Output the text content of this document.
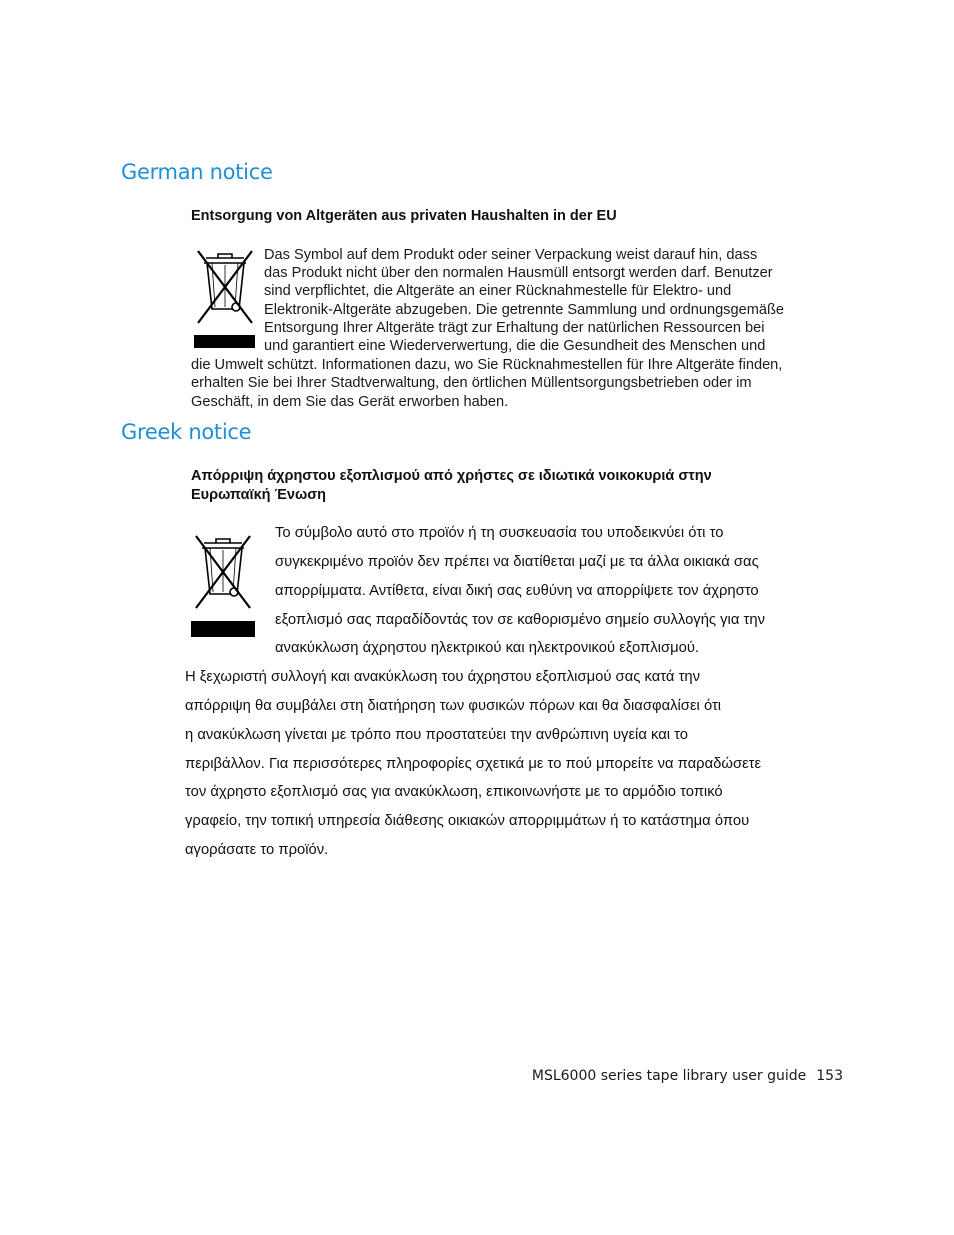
German notice
Entsorgung von Altgeräten aus privaten Haushalten in der EU

Das Symbol auf dem Produkt oder seiner Verpackung weist darauf hin, dass

das Produkt nicht über den normalen Hausmüll entsorgt werden darf. Benutzer

sind verpflichtet, die Altgeräte an einer Rücknahmestelle für Elektro- und

Elektronik-Altgeräte abzugeben. Die getrennte Sammlung und ordnungsgemäße

Entsorgung Ihrer Altgeräte trägt zur Erhaltung der natürlichen Ressourcen bei

und garantiert eine Wiederverwertung, die die Gesundheit des Menschen und

die Umwelt schützt. Informationen dazu, wo Sie Rücknahmestellen für Ihre Altgeräte finden,

erhalten Sie bei Ihrer Stadtverwaltung, den örtlichen Müllentsorgungsbetrieben oder im

Geschäft, in dem Sie das Gerät erworben haben.

Greek notice
Απόρριψη άχρηστου εξοπλισμού από χρήστες σε ιδιωτικά νοικοκυριά στην
Ευρωπαϊκή Ένωση

Το σύμβολο αυτό στο προϊόν ή τη συσκευασία του υποδεικνύει ότι το

συγκεκριμένο προϊόν δεν πρέπει να διατίθεται μαζί με τα άλλα οικιακά σας

απορρίμματα. Αντίθετα, είναι δική σας ευθύνη να απορρίψετε τον άχρηστο

εξοπλισμό σας παραδίδοντάς τον σε καθορισμένο σημείο συλλογής για την

ανακύκλωση άχρηστου ηλεκτρικού και ηλεκτρονικού εξοπλισμού.

Η ξεχωριστή συλλογή και ανακύκλωση του άχρηστου εξοπλισμού σας κατά την

απόρριψη θα συμβάλει στη διατήρηση των φυσικών πόρων και θα διασφαλίσει ότι

η ανακύκλωση γίνεται με τρόπο που προστατεύει την ανθρώπινη υγεία και το

περιβάλλον. Για περισσότερες πληροφορίες σχετικά με το πού μπορείτε να παραδώσετε

τον άχρηστο εξοπλισμό σας για ανακύκλωση, επικοινωνήστε με το αρμόδιο τοπικό

γραφείο, την τοπική υπηρεσία διάθεσης οικιακών απορριμμάτων ή το κατάστημα όπου

αγοράσατε το προϊόν.

MSL6000 series tape library user guide 153
